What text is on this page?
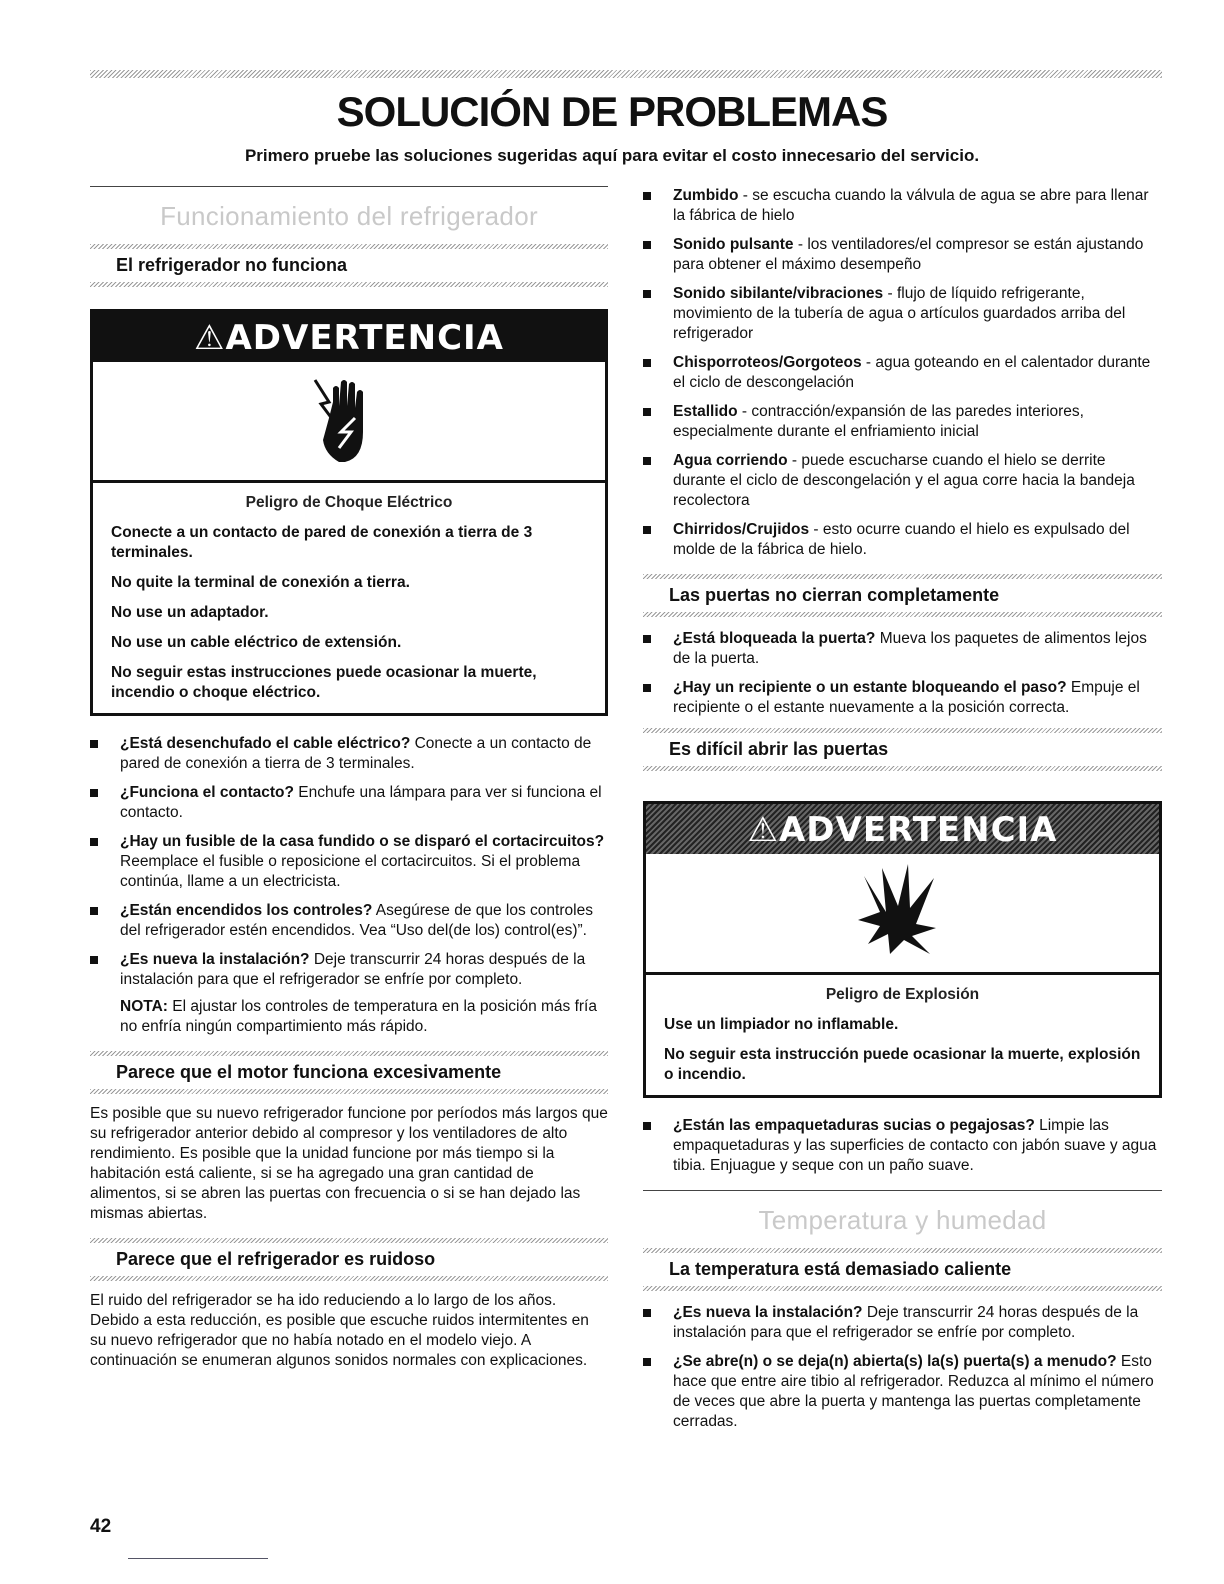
SOLUCIÓN DE PROBLEMAS
Primero pruebe las soluciones sugeridas aquí para evitar el costo innecesario del servicio.
Funcionamiento del refrigerador
El refrigerador no funciona
⚠ADVERTENCIA
Peligro de Choque Eléctrico
Conecte a un contacto de pared de conexión a tierra de 3 terminales.
No quite la terminal de conexión a tierra.
No use un adaptador.
No use un cable eléctrico de extensión.
No seguir estas instrucciones puede ocasionar la muerte, incendio o choque eléctrico.
¿Está desenchufado el cable eléctrico? Conecte a un contacto de pared de conexión a tierra de 3 terminales.
¿Funciona el contacto? Enchufe una lámpara para ver si funciona el contacto.
¿Hay un fusible de la casa fundido o se disparó el cortacircuitos? Reemplace el fusible o reposicione el cortacircuitos. Si el problema continúa, llame a un electricista.
¿Están encendidos los controles? Asegúrese de que los controles del refrigerador estén encendidos. Vea “Uso del(de los) control(es)”.
¿Es nueva la instalación? Deje transcurrir 24 horas después de la instalación para que el refrigerador se enfríe por completo.
NOTA: El ajustar los controles de temperatura en la posición más fría no enfría ningún compartimiento más rápido.
Parece que el motor funciona excesivamente

Es posible que su nuevo refrigerador funcione por períodos más largos que su refrigerador anterior debido al compresor y los ventiladores de alto rendimiento. Es posible que la unidad funcione por más tiempo si la habitación está caliente, si se ha agregado una gran cantidad de alimentos, si se abren las puertas con frecuencia o si se han dejado las mismas abiertas.

Parece que el refrigerador es ruidoso

El ruido del refrigerador se ha ido reduciendo a lo largo de los años. Debido a esta reducción, es posible que escuche ruidos intermitentes en su nuevo refrigerador que no había notado en el modelo viejo. A continuación se enumeran algunos sonidos normales con explicaciones.

Zumbido - se escucha cuando la válvula de agua se abre para llenar la fábrica de hielo
Sonido pulsante - los ventiladores/el compresor se están ajustando para obtener el máximo desempeño
Sonido sibilante/vibraciones - flujo de líquido refrigerante, movimiento de la tubería de agua o artículos guardados arriba del refrigerador
Chisporroteos/Gorgoteos - agua goteando en el calentador durante el ciclo de descongelación
Estallido - contracción/expansión de las paredes interiores, especialmente durante el enfriamiento inicial
Agua corriendo - puede escucharse cuando el hielo se derrite durante el ciclo de descongelación y el agua corre hacia la bandeja recolectora
Chirridos/Crujidos - esto ocurre cuando el hielo es expulsado del molde de la fábrica de hielo.
Las puertas no cierran completamente
¿Está bloqueada la puerta? Mueva los paquetes de alimentos lejos de la puerta.
¿Hay un recipiente o un estante bloqueando el paso? Empuje el recipiente o el estante nuevamente a la posición correcta.
Es difícil abrir las puertas
⚠ADVERTENCIA
Peligro de Explosión
Use un limpiador no inflamable.
No seguir esta instrucción puede ocasionar la muerte, explosión o incendio.
¿Están las empaquetaduras sucias o pegajosas? Limpie las empaquetaduras y las superficies de contacto con jabón suave y agua tibia. Enjuague y seque con un paño suave.
Temperatura y humedad
La temperatura está demasiado caliente
¿Es nueva la instalación? Deje transcurrir 24 horas después de la instalación para que el refrigerador se enfríe por completo.
¿Se abre(n) o se deja(n) abierta(s) la(s) puerta(s) a menudo? Esto hace que entre aire tibio al refrigerador. Reduzca al mínimo el número de veces que abre la puerta y mantenga las puertas completamente cerradas.
42
